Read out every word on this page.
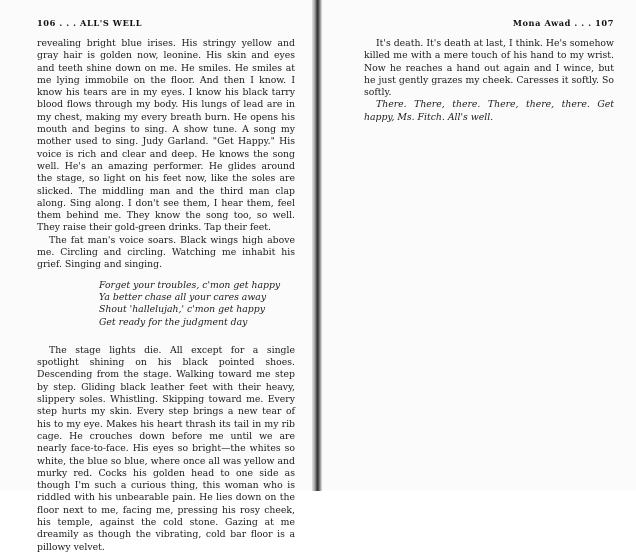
106 . . . ALL'S WELL

revealing bright blue irises. His stringy yellow and gray hair is golden now, leonine. His skin and eyes and teeth shine down on me. He smiles. He smiles at me lying immobile on the floor. And then I know. I know his tears are in my eyes. I know his black tarry blood flows through my body. His lungs of lead are in my chest, making my every breath burn. He opens his mouth and begins to sing. A show tune. A song my mother used to sing. Judy Garland. "Get Happy." His voice is rich and clear and deep. He knows the song well. He's an amazing performer. He glides around the stage, so light on his feet now, like the soles are slicked. The middling man and the third man clap along. Sing along. I don't see them, I hear them, feel them behind me. They know the song too, so well. They raise their gold-green drinks. Tap their feet.

The fat man's voice soars. Black wings high above me. Circling and circling. Watching me inhabit his grief. Singing and singing.

Forget your troubles, c'mon get happy
Ya better chase all your cares away
Shout 'hallelujah,' c'mon get happy
Get ready for the judgment day

The stage lights die. All except for a single spotlight shining on his black pointed shoes. Descending from the stage. Walking toward me step by step. Gliding black leather feet with their heavy, slippery soles. Whistling. Skipping toward me. Every step hurts my skin. Every step brings a new tear of his to my eye. Makes his heart thrash its tail in my rib cage. He crouches down before me until we are nearly face-to-face. His eyes so bright—the whites so white, the blue so blue, where once all was yellow and murky red. Cocks his golden head to one side as though I'm such a curious thing, this woman who is riddled with his unbearable pain. He lies down on the floor next to me, facing me, pressing his rosy cheek, his temple, against the cold stone. Gazing at me dreamily as though the vibrating, cold bar floor is a pillowy velvet.

Mona Awad . . . 107

It's death. It's death at last, I think. He's somehow killed me with a mere touch of his hand to my wrist. Now he reaches a hand out again and I wince, but he just gently grazes my cheek. Caresses it softly. So softly.

There. There, there. There, there, there. Get happy, Ms. Fitch. All's well.
